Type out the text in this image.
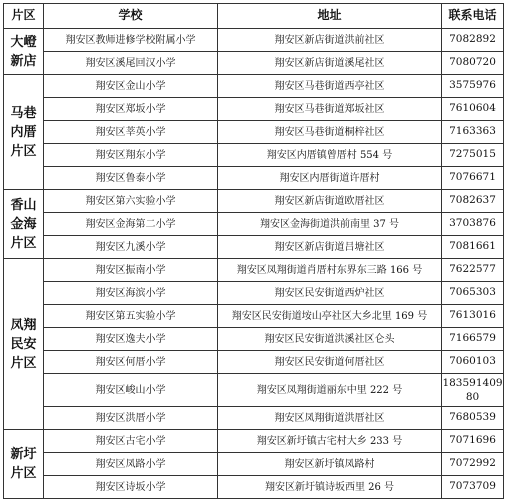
片区	学校	地址	联系电话

大嶝
新店	翔安区教师进修学校附属小学	翔安区新店街道洪前社区	7082892
	翔安区溪尾回汉小学	翔安区新店街道溪尾社区	7080720

马巷
内厝
片区	翔安区金山小学	翔安区马巷街道西亭社区	3575976
	翔安区郑坂小学	翔安区马巷街道郑坂社区	7610604
	翔安区莘英小学	翔安区马巷街道桐梓社区	7163363
	翔安区翔东小学	翔安区内厝镇曾厝村 554 号	7275015
	翔安区鲁泰小学	翔安区内厝街道许厝村	7076671

香山
金海
片区	翔安区第六实验小学	翔安区新店街道欧厝社区	7082637
	翔安区金海第二小学	翔安区金海街道洪前南里 37 号	3703876
	翔安区九溪小学	翔安区新店街道吕塘社区	7081661

凤翔
民安
片区	翔安区振南小学	翔安区凤翔街道肖厝村东界东三路 166 号	7622577
	翔安区海滨小学	翔安区民安街道西炉社区	7065303
	翔安区第五实验小学	翔安区民安街道垵山亭社区大乡北里 169 号	7613016
	翔安区逸夫小学	翔安区民安街道洪溪社区仑头	7166579
	翔安区何厝小学	翔安区民安街道何厝社区	7060103
	翔安区峻山小学	翔安区凤翔街道丽东中里 222 号	183591409
80

	翔安区洪厝小学	翔安区凤翔街道洪厝社区	7680539

新圩
片区	翔安区古宅小学	翔安区新圩镇古宅村大乡 233 号	7071696
	翔安区凤路小学	翔安区新圩镇凤路村	7072992
	翔安区诗坂小学	翔安区新圩镇诗坂西里 26 号	7073709
